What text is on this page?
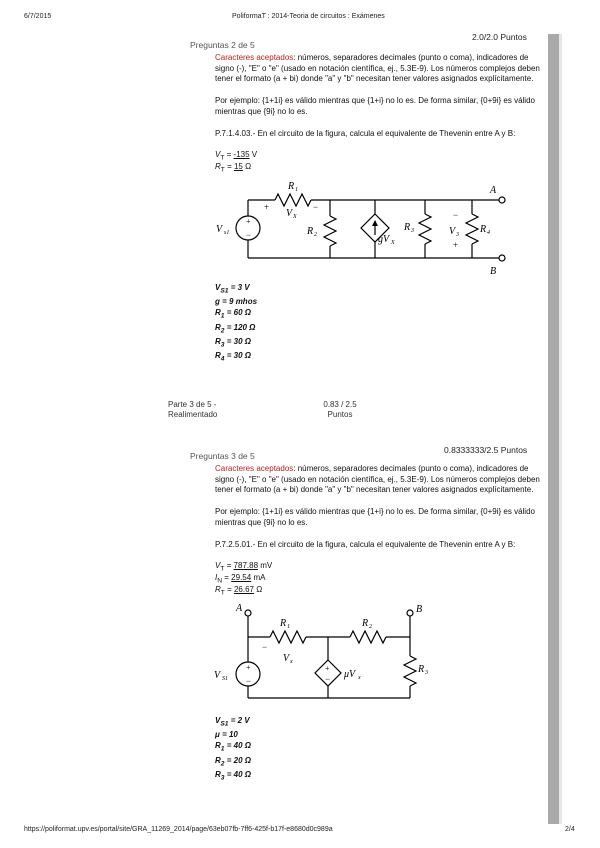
6/7/2015	PoliformaT : 2014-Teoria de circuitos : Exámenes
2.0/2.0 Puntos
Preguntas 2 de 5
Caracteres aceptados: números, separadores decimales (punto o coma), indicadores de signo (-), "E" o "e" (usado en notación científica, ej., 5.3E-9). Los números complejos deben tener el formato (a + bi) donde "a" y "b" necesitan tener valores asignados explícitamente.
Por ejemplo: {1+1i} es válido mientras que {1+i} no lo es. De forma similar, {0+9i} es válido mientras que {9i} no lo es.
P.7.1.4.03.- En el circuito de la figura, calcula el equivalente de Thevenin entre A y B:
$V_T = -135$ V
$R_T = 15$ Ω
+
−
V s1
R 1
+	−
V X
R 2	gV X
R 3
−
V 3
+
R 4
A
B
$V_{S1} = 3$ V
g = 9 mhos
$R_1 = 60$ Ω
$R_2 = 120$ Ω
$R_3 = 30$ Ω
$R_4 = 30$ Ω
Parte 3 de 5 - Realimentado
0.83 / 2.5 Puntos
0.8333333/2.5 Puntos
Preguntas 3 de 5
Caracteres aceptados: números, separadores decimales (punto o coma), indicadores de signo (-), "E" o "e" (usado en notación científica, ej., 5.3E-9). Los números complejos deben tener el formato (a + bi) donde "a" y "b" necesitan tener valores asignados explícitamente.
Por ejemplo: {1+1i} es válido mientras que {1+i} no lo es. De forma similar, {0+9i} es válido mientras que {9i} no lo es.
P.7.2.5.01.- En el circuito de la figura, calcula el equivalente de Thevenin entre A y B:
$V_T = 787.88$ mV
$I_N = 29.54$ mA
$R_T = 26.67$ Ω
+
−
+
−
A	B
R 1	R 2
R 3
−
V x
μV x
V S1
$V_{S1} = 2$ V
μ = 10
$R_1 = 40$ Ω
$R_2 = 20$ Ω
$R_3 = 40$ Ω
https://poliformat.upv.es/portal/site/GRA_11269_2014/page/63eb07fb-7ff6-425f-b17f-e8680d0c989a	2/4
